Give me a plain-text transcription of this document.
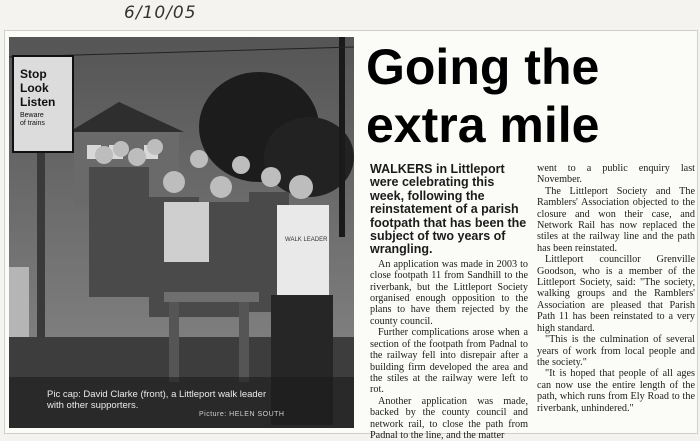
6/10/05
Stop
Look
Listen
Beware
of trains
WALK LEADER
Pic cap: David Clarke (front), a Littleport walk leader with other supporters.
Picture: HELEN SOUTH
Going the
extra mile
WALKERS in Littleport were celebrating this week, following the reinstatement of a parish footpath that has been the subject of two years of wrangling.

An application was made in 2003 to close footpath 11 from Sandhill to the riverbank, but the Littleport Society organised enough opposition to the plans to have them rejected by the county council.

Further complications arose when a section of the footpath from Padnal to the railway fell into disrepair after a building firm developed the area and the stiles at the railway were left to rot.

Another application was made, backed by the county council and network rail, to close the path from Padnal to the line, and the matter

went to a public enquiry last November.

The Littleport Society and The Ramblers' Association objected to the closure and won their case, and Network Rail has now replaced the stiles at the railway line and the path has been reinstated.

Littleport councillor Grenville Goodson, who is a member of the Littleport Society, said: "The society, walking groups and the Ramblers' Association are pleased that Parish Path 11 has been reinstated to a very high standard.

"This is the culmination of several years of work from local people and the society."

"It is hoped that people of all ages can now use the entire length of the path, which runs from Ely Road to the riverbank, unhindered."
